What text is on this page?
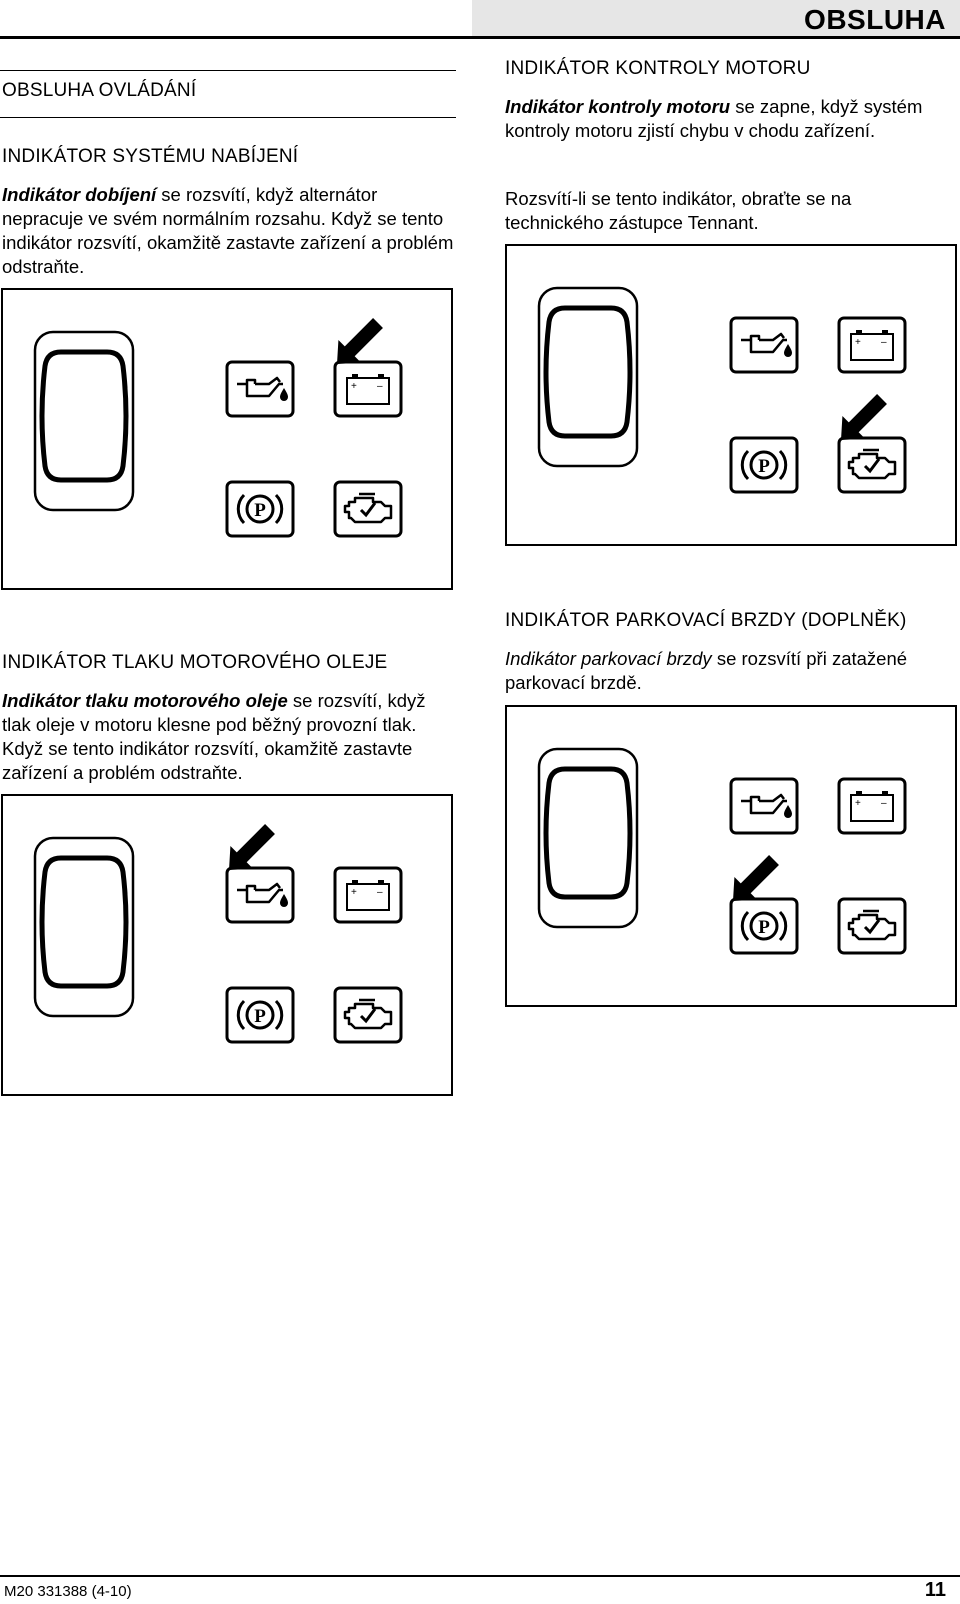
OBSLUHA
OBSLUHA OVLÁDÁNÍ
INDIKÁTOR SYSTÉMU NABÍJENÍ
Indikátor dobíjení se rozsvítí, když alternátor nepracuje ve svém normálním rozsahu. Když se tento indikátor rozsvítí, okamžitě zastavte zařízení a problém odstraňte.
+ –
P
INDIKÁTOR TLAKU MOTOROVÉHO OLEJE
Indikátor tlaku motorového oleje se rozsvítí, když tlak oleje v motoru klesne pod běžný provozní tlak. Když se tento indikátor rozsvítí, okamžitě zastavte zařízení a problém odstraňte.
+ –
P
INDIKÁTOR KONTROLY MOTORU
Indikátor kontroly motoru se zapne, když systém kontroly motoru zjistí chybu v chodu zařízení.
Rozsvítí-li se tento indikátor, obraťte se na technického zástupce Tennant.
+ –
P
INDIKÁTOR PARKOVACÍ BRZDY (DOPLNĚK)
Indikátor parkovací brzdy se rozsvítí při zatažené parkovací brzdě.
+ –
P
M20 331388 (4-10)	11
